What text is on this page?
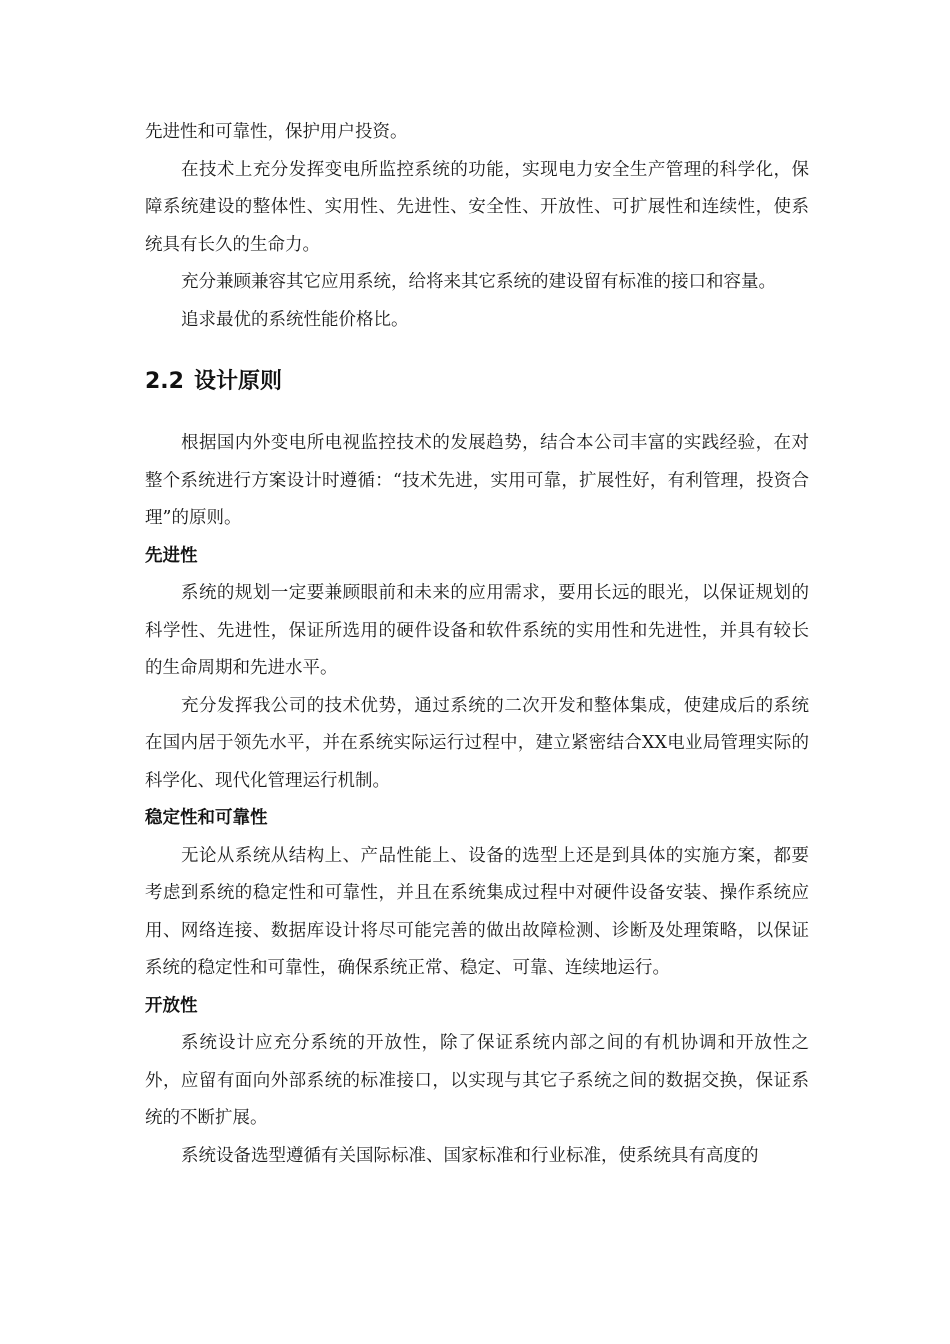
先进性和可靠性，保护用户投资。

在技术上充分发挥变电所监控系统的功能，实现电力安全生产管理的科学化，保障系统建设的整体性、实用性、先进性、安全性、开放性、可扩展性和连续性，使系统具有长久的生命力。

充分兼顾兼容其它应用系统，给将来其它系统的建设留有标准的接口和容量。

追求最优的系统性能价格比。

2.2 设计原则

根据国内外变电所电视监控技术的发展趋势，结合本公司丰富的实践经验，在对整个系统进行方案设计时遵循：“技术先进，实用可靠，扩展性好，有利管理，投资合理”的原则。

先进性

系统的规划一定要兼顾眼前和未来的应用需求，要用长远的眼光，以保证规划的科学性、先进性，保证所选用的硬件设备和软件系统的实用性和先进性，并具有较长的生命周期和先进水平。

充分发挥我公司的技术优势，通过系统的二次开发和整体集成，使建成后的系统在国内居于领先水平，并在系统实际运行过程中，建立紧密结合XX电业局管理实际的科学化、现代化管理运行机制。

稳定性和可靠性

无论从系统从结构上、产品性能上、设备的选型上还是到具体的实施方案，都要考虑到系统的稳定性和可靠性，并且在系统集成过程中对硬件设备安装、操作系统应用、网络连接、数据库设计将尽可能完善的做出故障检测、诊断及处理策略，以保证系统的稳定性和可靠性，确保系统正常、稳定、可靠、连续地运行。

开放性

系统设计应充分系统的开放性，除了保证系统内部之间的有机协调和开放性之外，应留有面向外部系统的标准接口，以实现与其它子系统之间的数据交换，保证系统的不断扩展。

系统设备选型遵循有关国际标准、国家标准和行业标准，使系统具有高度的
